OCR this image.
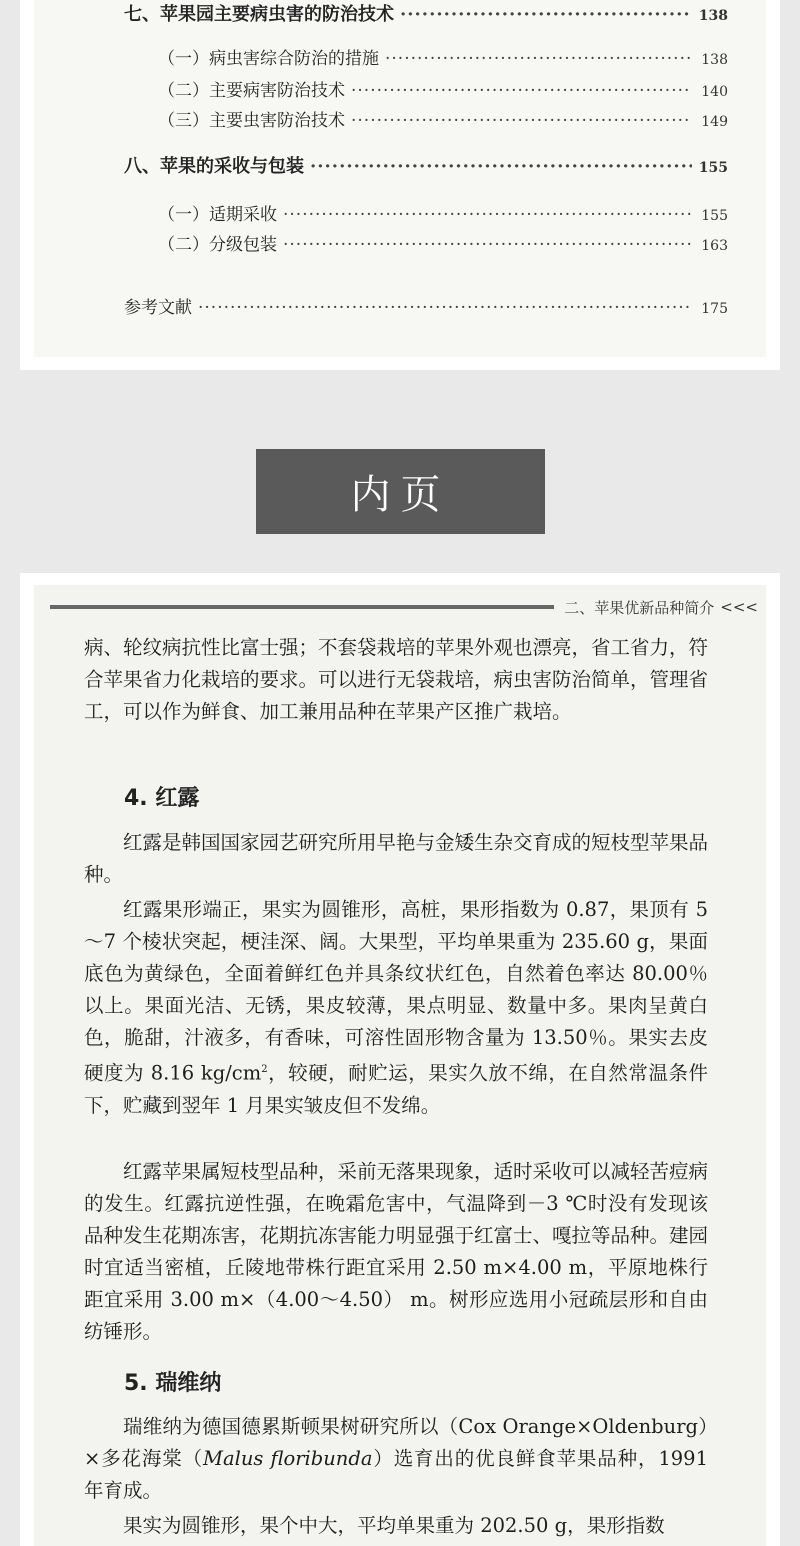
七、苹果园主要病虫害的防治技术 ·····	138
（一）病虫害综合防治的措施 ·····	138
（二）主要病害防治技术 ·····	140
（三）主要虫害防治技术 ·····	149
八、苹果的采收与包装 ·····	155
（一）适期采收 ·····	155
（二）分级包装 ·····	163
参考文献 ·····	175
内页
二、苹果优新品种简介 <<<
病、轮纹病抗性比富士强；不套袋栽培的苹果外观也漂亮，省工省力，符合苹果省力化栽培的要求。可以进行无袋栽培，病虫害防治简单，管理省工，可以作为鲜食、加工兼用品种在苹果产区推广栽培。
4. 红露
红露是韩国国家园艺研究所用早艳与金矮生杂交育成的短枝型苹果品种。
红露果形端正，果实为圆锥形，高桩，果形指数为 0.87，果顶有 5～7 个棱状突起，梗洼深、阔。大果型，平均单果重为 235.60 g，果面底色为黄绿色，全面着鲜红色并具条纹状红色，自然着色率达 80.00％以上。果面光洁、无锈，果皮较薄，果点明显、数量中多。果肉呈黄白色，脆甜，汁液多，有香味，可溶性固形物含量为 13.50％。果实去皮硬度为 8.16 $kg/cm^2$，较硬，耐贮运，果实久放不绵，在自然常温条件下，贮藏到翌年 1 月果实皱皮但不发绵。
红露苹果属短枝型品种，采前无落果现象，适时采收可以减轻苦痘病的发生。红露抗逆性强，在晚霜危害中，气温降到－3 ℃时没有发现该品种发生花期冻害，花期抗冻害能力明显强于红富士、嘎拉等品种。建园时宜适当密植，丘陵地带株行距宜采用 2.50 m×4.00 m，平原地株行距宜采用 3.00 m×（4.00～4.50） m。树形应选用小冠疏层形和自由纺锤形。
5. 瑞维纳
瑞维纳为德国德累斯顿果树研究所以（Cox Orange×Oldenburg）×多花海棠（Malus floribunda）选育出的优良鲜食苹果品种，1991 年育成。
果实为圆锥形，果个中大，平均单果重为 202.50 g，果形指数
